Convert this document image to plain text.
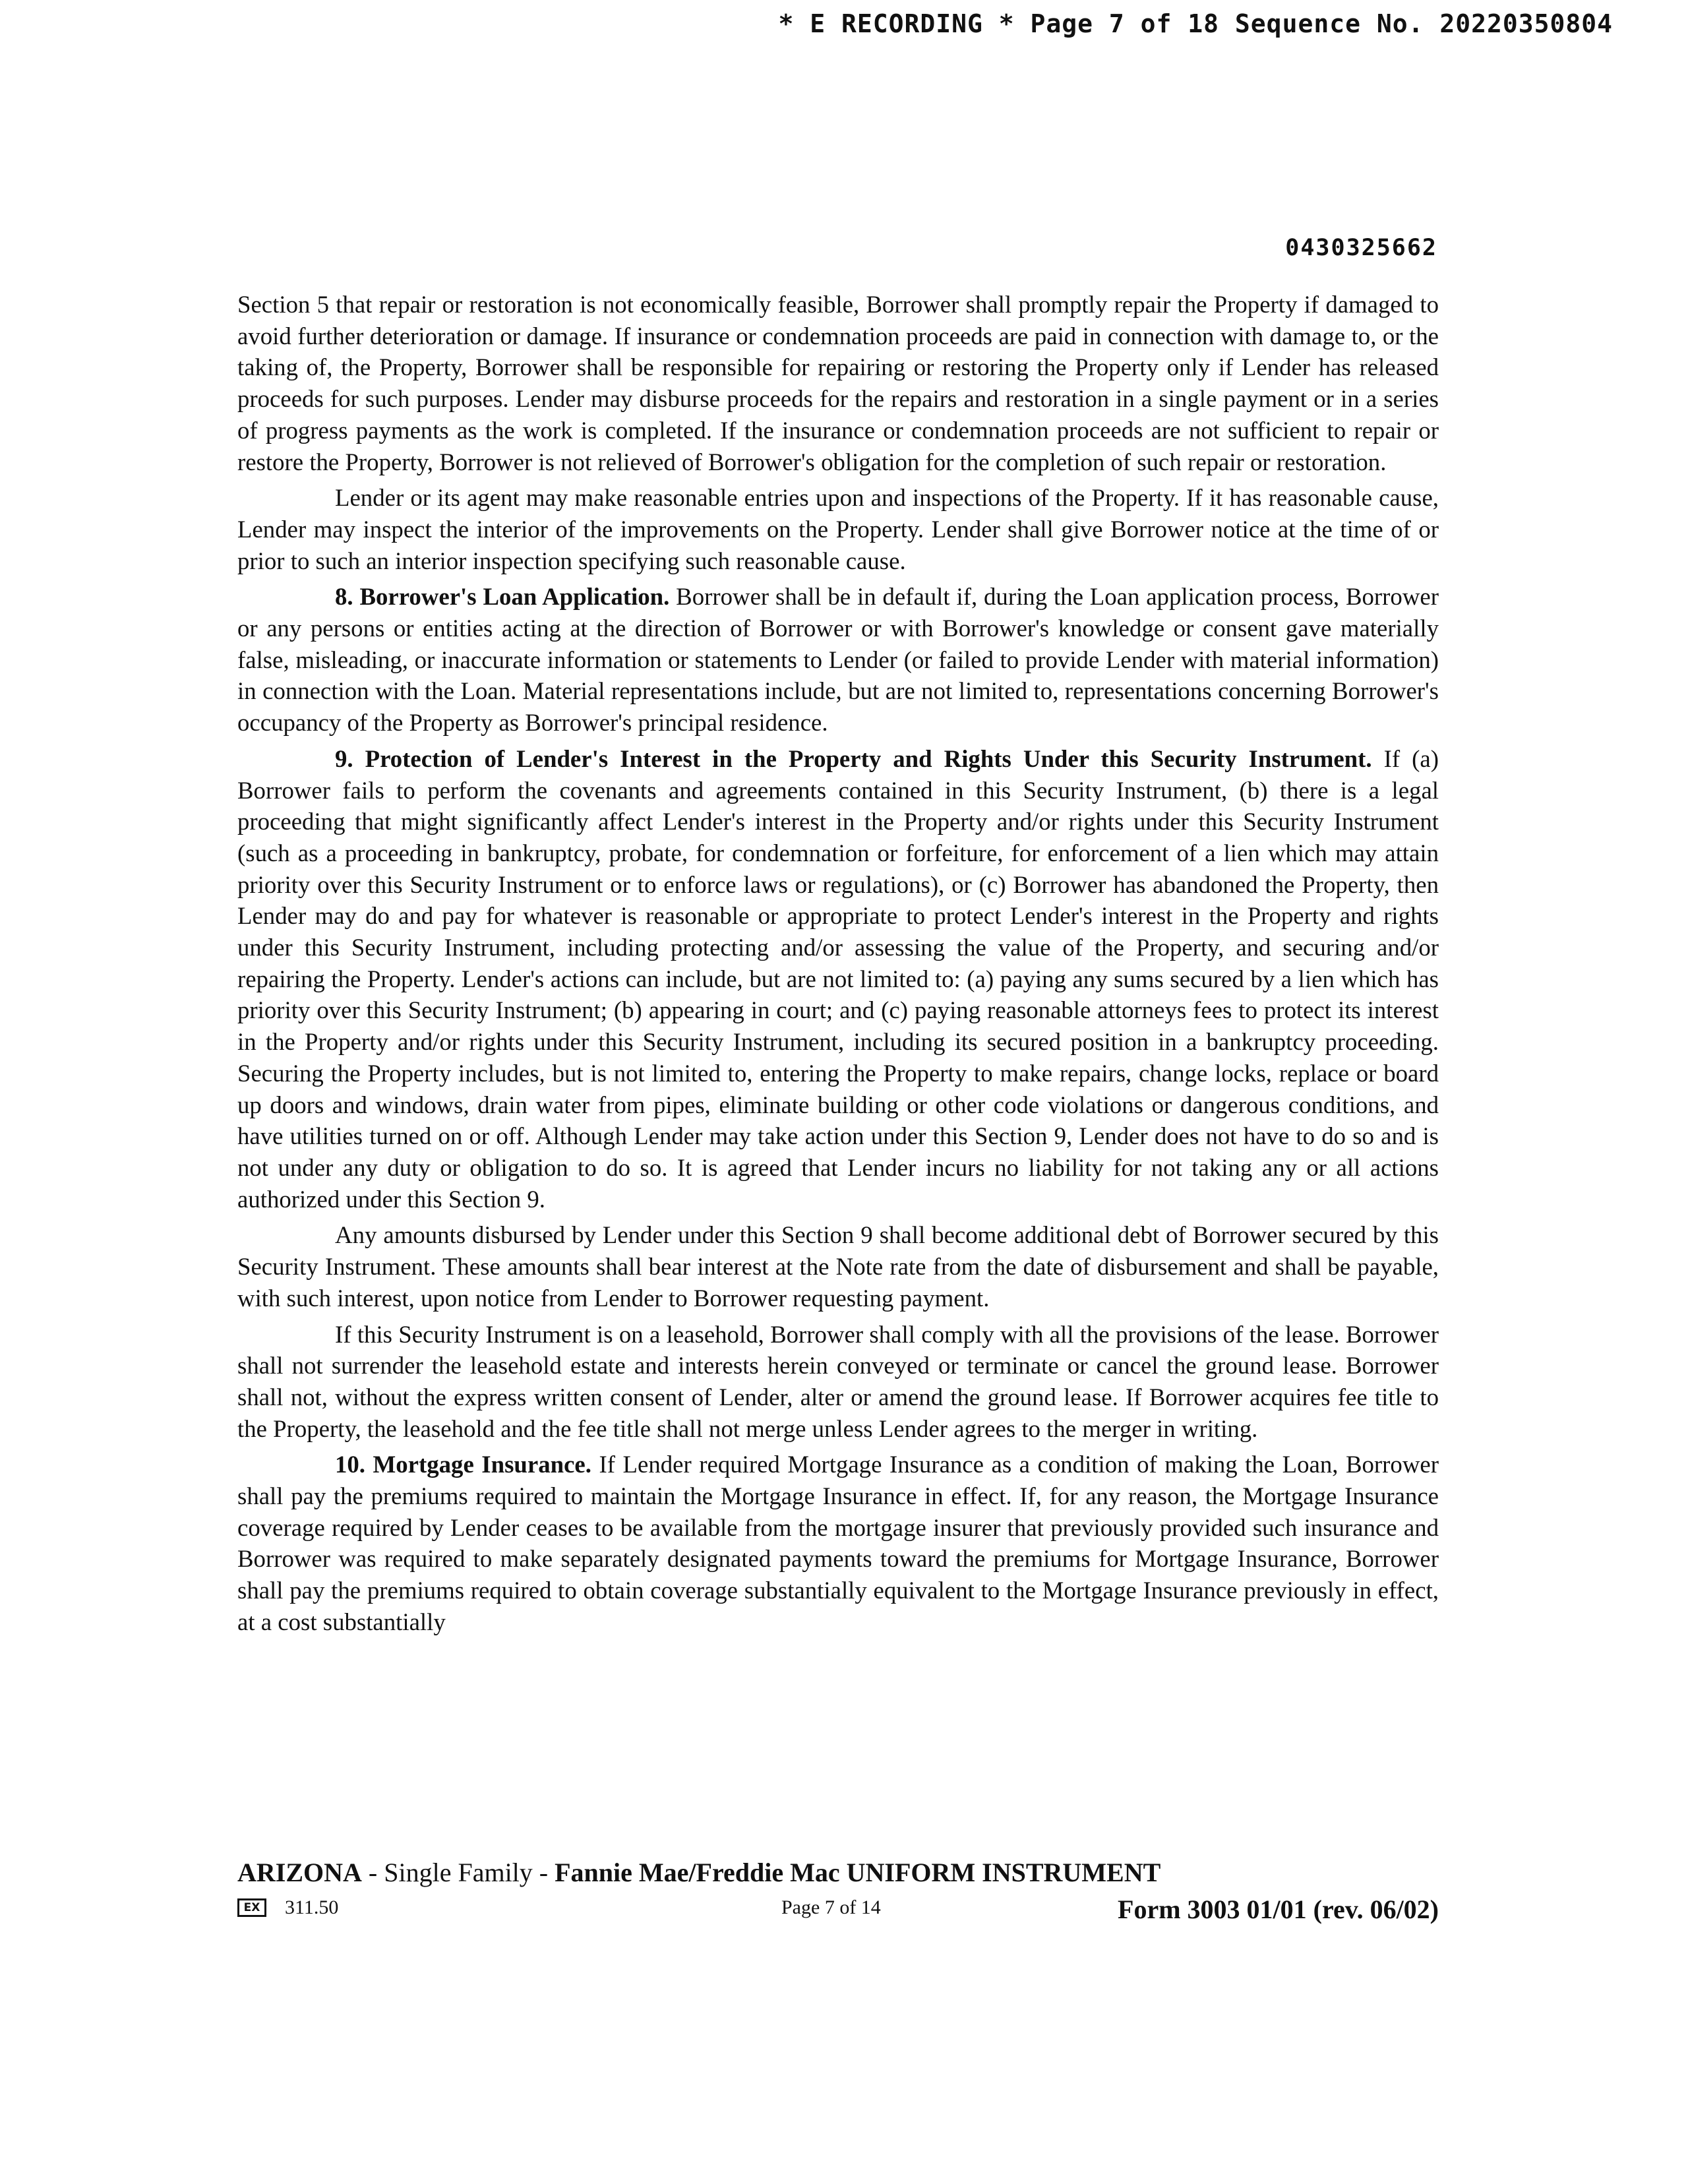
* E RECORDING * Page 7 of 18 Sequence No. 20220350804
0430325662

Section 5 that repair or restoration is not economically feasible, Borrower shall promptly repair the Property if damaged to avoid further deterioration or damage. If insurance or condemnation proceeds are paid in connection with damage to, or the taking of, the Property, Borrower shall be responsible for repairing or restoring the Property only if Lender has released proceeds for such purposes. Lender may disburse proceeds for the repairs and restoration in a single payment or in a series of progress payments as the work is completed. If the insurance or condemnation proceeds are not sufficient to repair or restore the Property, Borrower is not relieved of Borrower's obligation for the completion of such repair or restoration.

Lender or its agent may make reasonable entries upon and inspections of the Property. If it has reasonable cause, Lender may inspect the interior of the improvements on the Property. Lender shall give Borrower notice at the time of or prior to such an interior inspection specifying such reasonable cause.

8. Borrower's Loan Application. Borrower shall be in default if, during the Loan application process, Borrower or any persons or entities acting at the direction of Borrower or with Borrower's knowledge or consent gave materially false, misleading, or inaccurate information or statements to Lender (or failed to provide Lender with material information) in connection with the Loan. Material representations include, but are not limited to, representations concerning Borrower's occupancy of the Property as Borrower's principal residence.

9. Protection of Lender's Interest in the Property and Rights Under this Security Instrument. If (a) Borrower fails to perform the covenants and agreements contained in this Security Instrument, (b) there is a legal proceeding that might significantly affect Lender's interest in the Property and/or rights under this Security Instrument (such as a proceeding in bankruptcy, probate, for condemnation or forfeiture, for enforcement of a lien which may attain priority over this Security Instrument or to enforce laws or regulations), or (c) Borrower has abandoned the Property, then Lender may do and pay for whatever is reasonable or appropriate to protect Lender's interest in the Property and rights under this Security Instrument, including protecting and/or assessing the value of the Property, and securing and/or repairing the Property. Lender's actions can include, but are not limited to: (a) paying any sums secured by a lien which has priority over this Security Instrument; (b) appearing in court; and (c) paying reasonable attorneys fees to protect its interest in the Property and/or rights under this Security Instrument, including its secured position in a bankruptcy proceeding. Securing the Property includes, but is not limited to, entering the Property to make repairs, change locks, replace or board up doors and windows, drain water from pipes, eliminate building or other code violations or dangerous conditions, and have utilities turned on or off. Although Lender may take action under this Section 9, Lender does not have to do so and is not under any duty or obligation to do so. It is agreed that Lender incurs no liability for not taking any or all actions authorized under this Section 9.

Any amounts disbursed by Lender under this Section 9 shall become additional debt of Borrower secured by this Security Instrument. These amounts shall bear interest at the Note rate from the date of disbursement and shall be payable, with such interest, upon notice from Lender to Borrower requesting payment.

If this Security Instrument is on a leasehold, Borrower shall comply with all the provisions of the lease. Borrower shall not surrender the leasehold estate and interests herein conveyed or terminate or cancel the ground lease. Borrower shall not, without the express written consent of Lender, alter or amend the ground lease. If Borrower acquires fee title to the Property, the leasehold and the fee title shall not merge unless Lender agrees to the merger in writing.

10. Mortgage Insurance. If Lender required Mortgage Insurance as a condition of making the Loan, Borrower shall pay the premiums required to maintain the Mortgage Insurance in effect. If, for any reason, the Mortgage Insurance coverage required by Lender ceases to be available from the mortgage insurer that previously provided such insurance and Borrower was required to make separately designated payments toward the premiums for Mortgage Insurance, Borrower shall pay the premiums required to obtain coverage substantially equivalent to the Mortgage Insurance previously in effect, at a cost substantially

ARIZONA - Single Family - Fannie Mae/Freddie Mac UNIFORM INSTRUMENT
EX	311.50	Page 7 of 14	Form 3003 01/01 (rev. 06/02)
